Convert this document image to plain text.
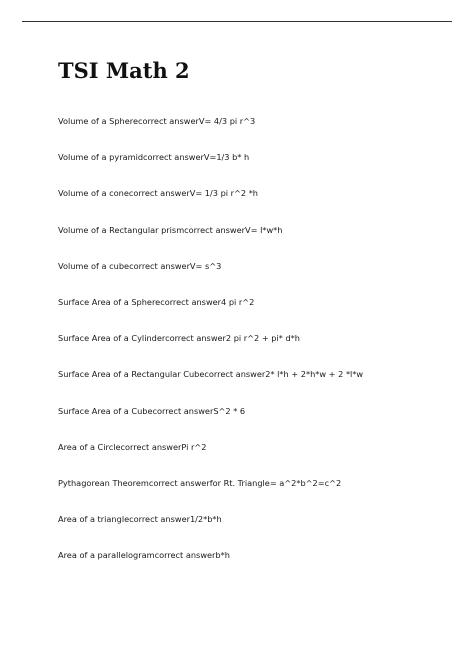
TSI Math 2
Volume of a Spherecorrect answerV= 4/3 pi r^3
Volume of a pyramidcorrect answerV=1/3 b* h
Volume of a conecorrect answerV= 1/3 pi r^2 *h
Volume of a Rectangular prismcorrect answerV= l*w*h
Volume of a cubecorrect answerV= s^3
Surface Area of a Spherecorrect answer4 pi r^2
Surface Area of a Cylindercorrect answer2 pi r^2 + pi* d*h
Surface Area of a Rectangular Cubecorrect answer2* l*h + 2*h*w + 2 *l*w
Surface Area of a Cubecorrect answerS^2 * 6
Area of a Circlecorrect answerPi r^2
Pythagorean Theoremcorrect answerfor Rt. Triangle= a^2*b^2=c^2
Area of a trianglecorrect answer1/2*b*h
Area of a parallelogramcorrect answerb*h
